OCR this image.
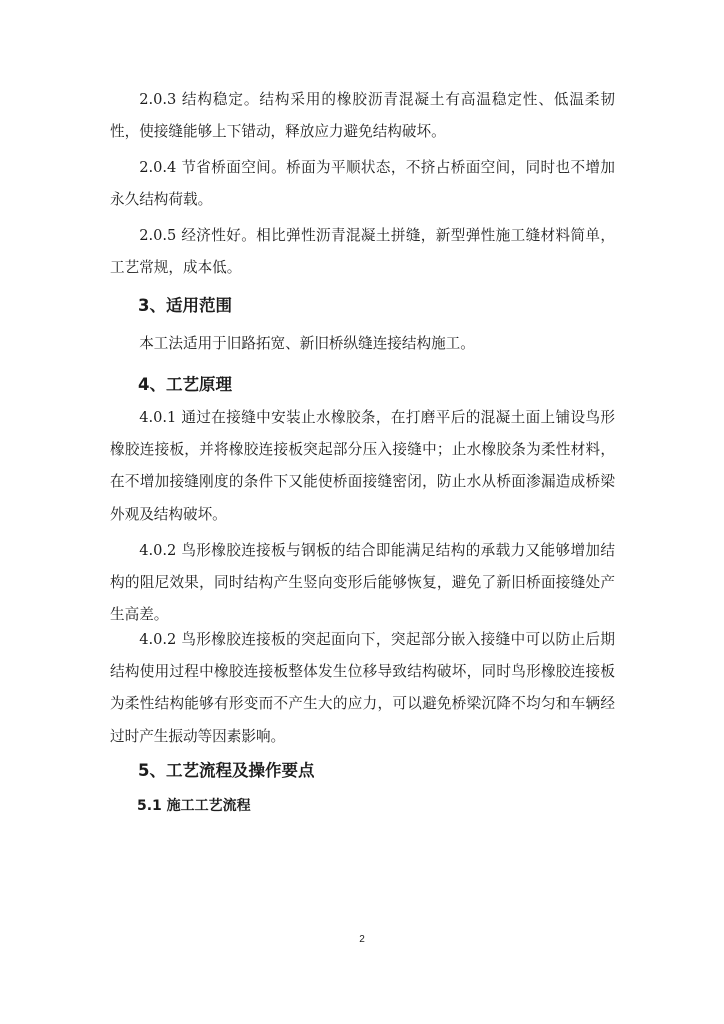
2.0.3 结构稳定。结构采用的橡胶沥青混凝土有高温稳定性、低温柔韧性，使接缝能够上下错动，释放应力避免结构破坏。
2.0.4 节省桥面空间。桥面为平顺状态，不挤占桥面空间，同时也不增加永久结构荷载。
2.0.5 经济性好。相比弹性沥青混凝土拼缝，新型弹性施工缝材料简单，工艺常规，成本低。
3、适用范围
本工法适用于旧路拓宽、新旧桥纵缝连接结构施工。
4、工艺原理
4.0.1 通过在接缝中安装止水橡胶条，在打磨平后的混凝土面上铺设鸟形橡胶连接板，并将橡胶连接板突起部分压入接缝中；止水橡胶条为柔性材料，在不增加接缝刚度的条件下又能使桥面接缝密闭，防止水从桥面渗漏造成桥梁外观及结构破坏。
4.0.2 鸟形橡胶连接板与钢板的结合即能满足结构的承载力又能够增加结构的阻尼效果，同时结构产生竖向变形后能够恢复，避免了新旧桥面接缝处产生高差。
4.0.2 鸟形橡胶连接板的突起面向下，突起部分嵌入接缝中可以防止后期结构使用过程中橡胶连接板整体发生位移导致结构破坏，同时鸟形橡胶连接板为柔性结构能够有形变而不产生大的应力，可以避免桥梁沉降不均匀和车辆经过时产生振动等因素影响。
5、工艺流程及操作要点
5.1 施工工艺流程
2
